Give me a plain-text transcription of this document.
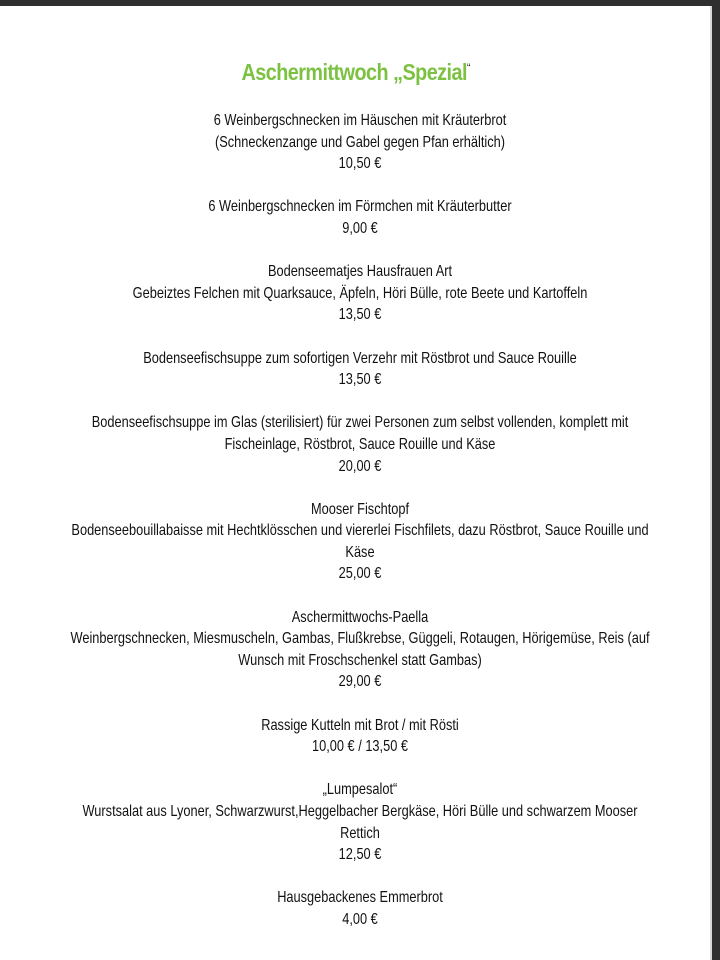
Aschermittwoch „Spezial“
6 Weinbergschnecken im Häuschen mit Kräuterbrot
(Schneckenzange und Gabel gegen Pfan erhältich)
10,50 €
6 Weinbergschnecken im Förmchen mit Kräuterbutter
9,00 €
Bodenseematjes Hausfrauen Art
Gebeiztes Felchen mit Quarksauce, Äpfeln, Höri Bülle, rote Beete und Kartoffeln
13,50 €
Bodenseefischsuppe zum sofortigen Verzehr mit Röstbrot und Sauce Rouille
13,50 €
Bodenseefischsuppe im Glas (sterilisiert) für zwei Personen zum selbst vollenden, komplett mit
Fischeinlage, Röstbrot, Sauce Rouille und Käse
20,00 €
Mooser Fischtopf
Bodenseebouillabaisse mit Hechtklösschen und viererlei Fischfilets, dazu Röstbrot, Sauce Rouille und
Käse
25,00 €
Aschermittwochs-Paella
Weinbergschnecken, Miesmuscheln, Gambas, Flußkrebse, Güggeli, Rotaugen, Hörigemüse, Reis (auf
Wunsch mit Froschschenkel statt Gambas)
29,00 €
Rassige Kutteln mit Brot / mit Rösti
10,00 € / 13,50 €
„Lumpesalot“
Wurstsalat aus Lyoner, Schwarzwurst,Heggelbacher Bergkäse, Höri Bülle und schwarzem Mooser
Rettich
12,50 €
Hausgebackenes Emmerbrot
4,00 €
